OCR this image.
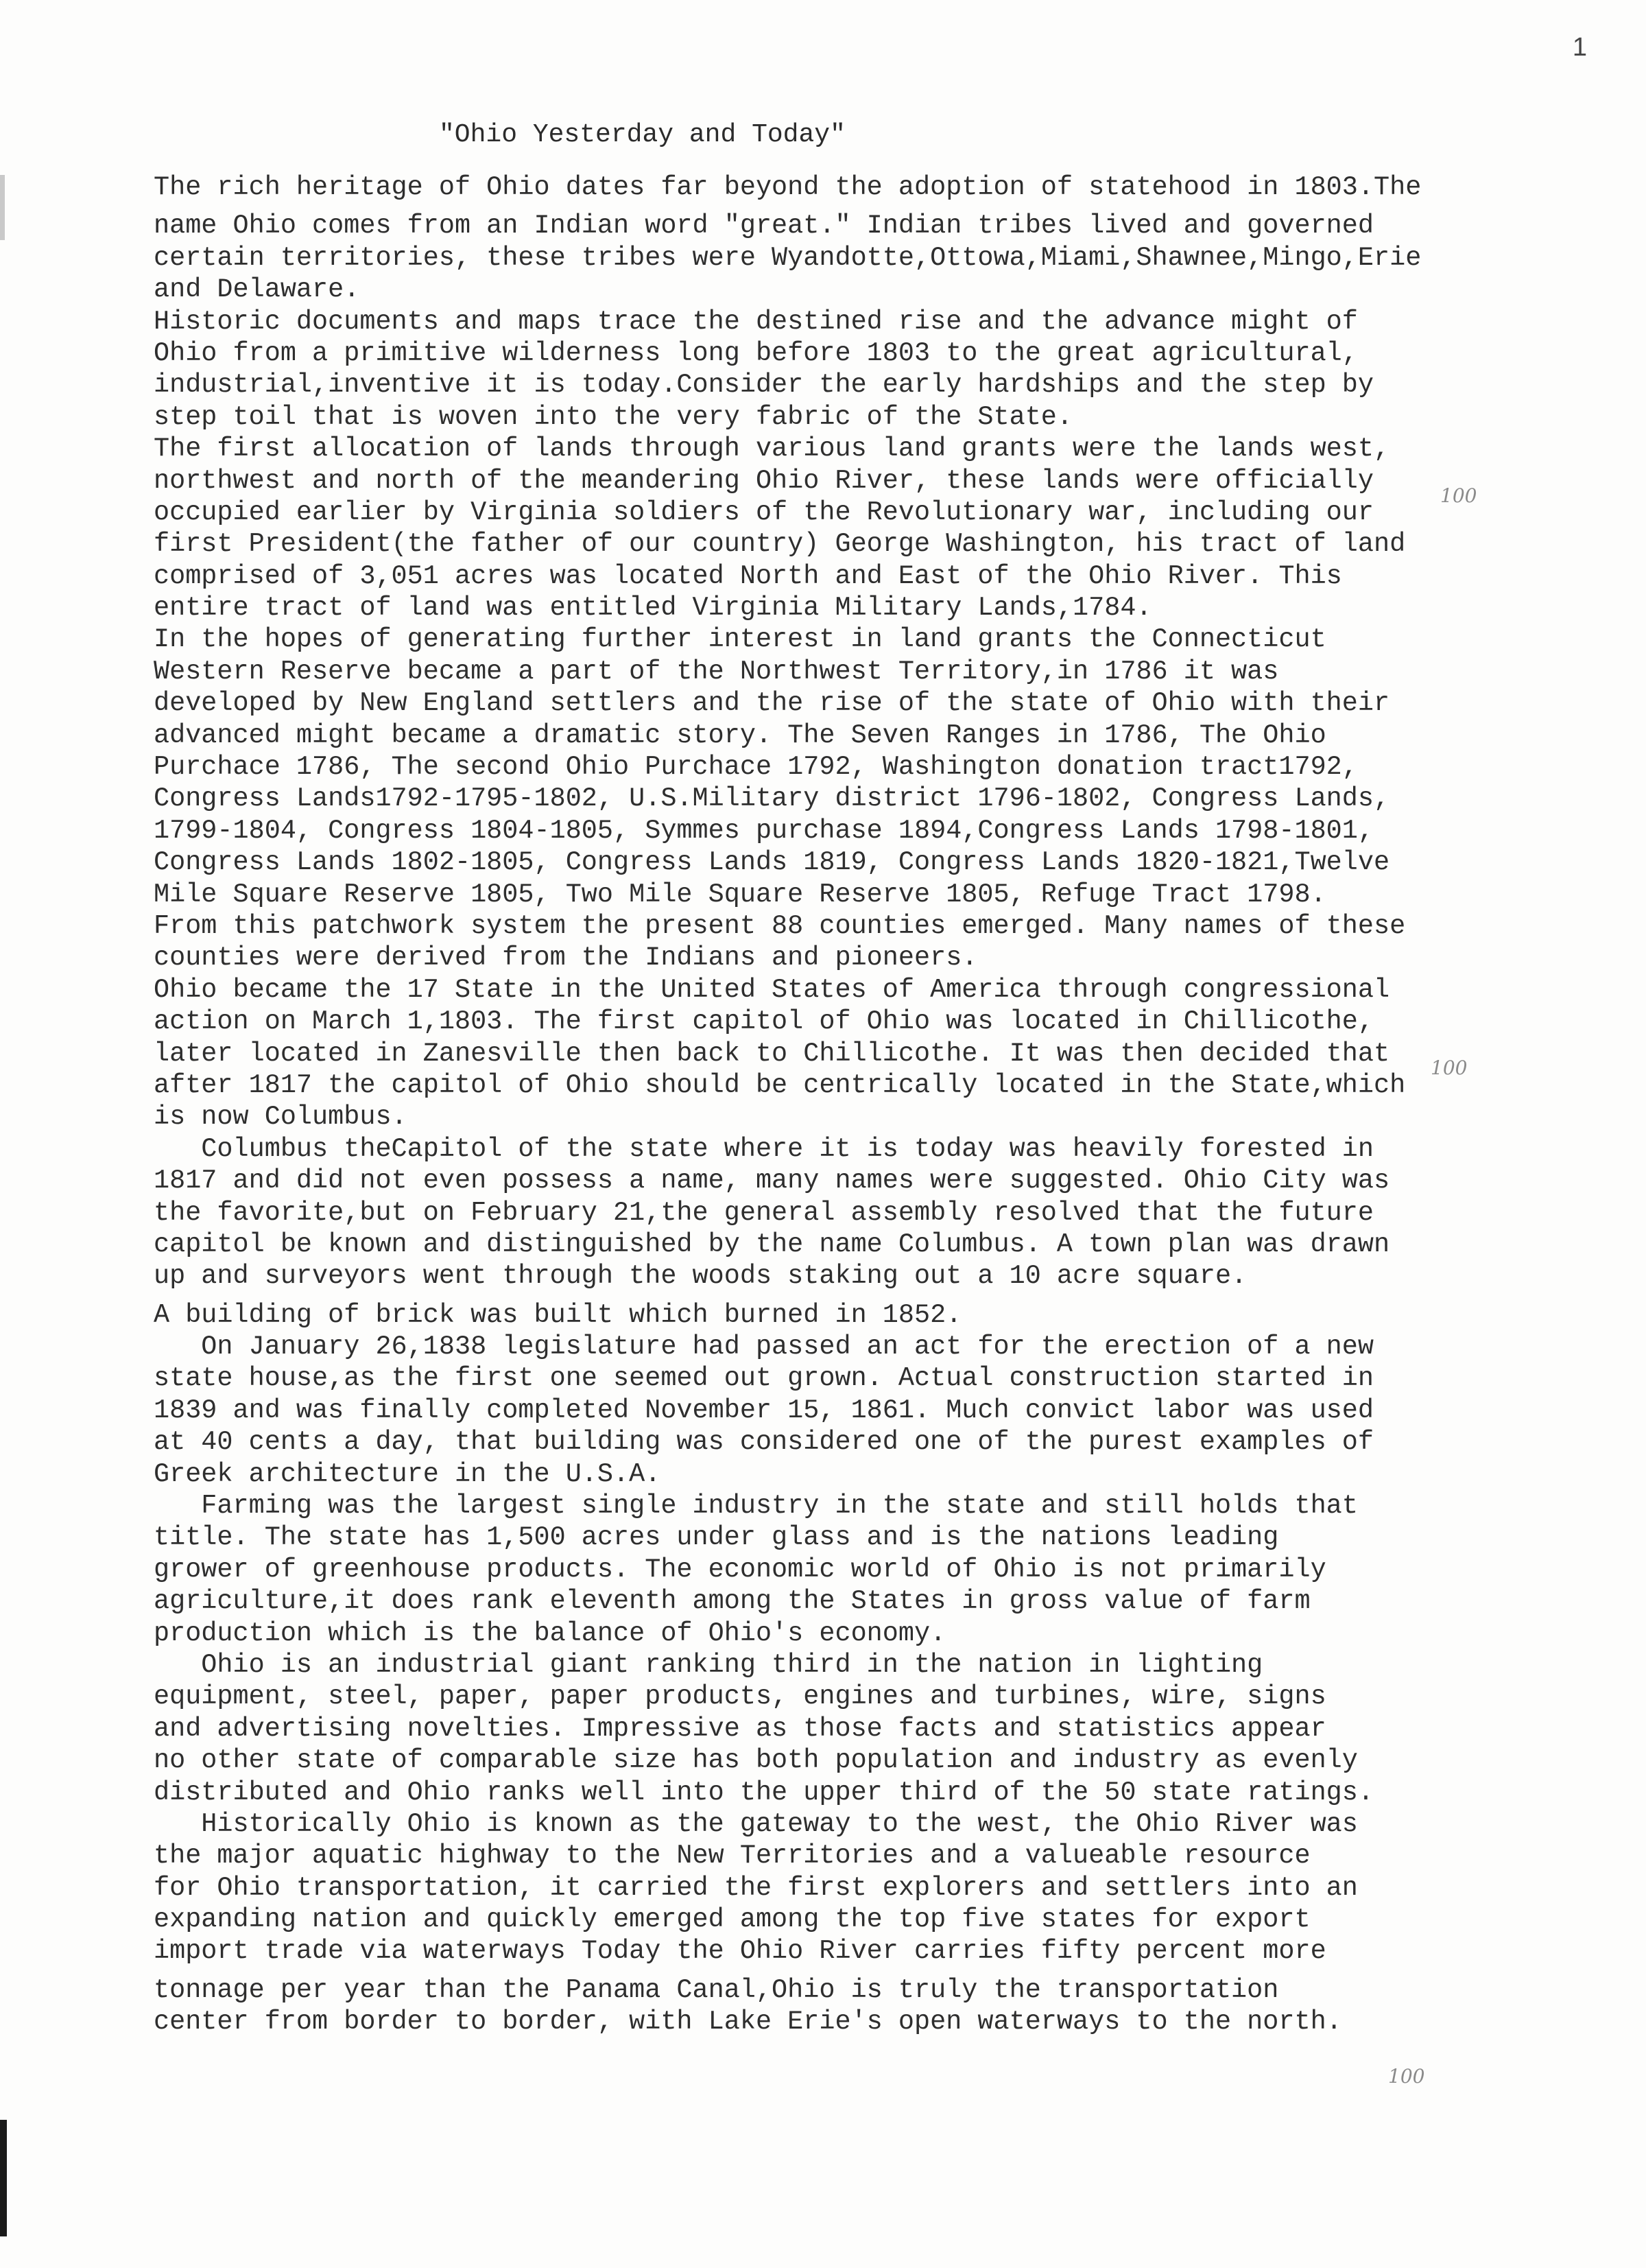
1
"Ohio Yesterday and Today"
The rich heritage of Ohio dates far beyond the adoption of statehood in 1803.The
name Ohio comes from an Indian word "great." Indian tribes lived and governed
certain territories, these tribes were Wyandotte,Ottowa,Miami,Shawnee,Mingo,Erie
and Delaware.
Historic documents and maps trace the destined rise and the advance might of
Ohio from a primitive wilderness long before 1803 to the great agricultural,
industrial,inventive it is today.Consider the early hardships and the step by
step toil that is woven into the very fabric of the State.
The first allocation of lands through various land grants were the lands west,
northwest and north of the meandering Ohio River, these lands were officially
occupied earlier by Virginia soldiers of the Revolutionary war, including our
first President(the father of our country) George Washington, his tract of land
comprised of 3,051 acres was located North and East of the Ohio River. This
entire tract of land was entitled Virginia Military Lands,1784.
In the hopes of generating further interest in land grants the Connecticut
Western Reserve became a part of the Northwest Territory,in 1786 it was
developed by New England settlers and the rise of the state of Ohio with their
advanced might became a dramatic story. The Seven Ranges in 1786, The Ohio
Purchace 1786, The second Ohio Purchace 1792, Washington donation tract1792,
Congress Lands1792-1795-1802, U.S.Military district 1796-1802, Congress Lands,
1799-1804, Congress 1804-1805, Symmes purchase 1894,Congress Lands 1798-1801,
Congress Lands 1802-1805, Congress Lands 1819, Congress Lands 1820-1821,Twelve
Mile Square Reserve 1805, Two Mile Square Reserve 1805, Refuge Tract 1798.
From this patchwork system the present 88 counties emerged. Many names of these
counties were derived from the Indians and pioneers.
Ohio became the 17 State in the United States of America through congressional
action on March 1,1803. The first capitol of Ohio was located in Chillicothe,
later located in Zanesville then back to Chillicothe. It was then decided that
after 1817 the capitol of Ohio should be centrically located in the State,which
is now Columbus.
Columbus theCapitol of the state where it is today was heavily forested in
1817 and did not even possess a name, many names were suggested. Ohio City was
the favorite,but on February 21,the general assembly resolved that the future
capitol be known and distinguished by the name Columbus. A town plan was drawn
up and surveyors went through the woods staking out a 10 acre square.
A building of brick was built which burned in 1852.
On January 26,1838 legislature had passed an act for the erection of a new
state house,as the first one seemed out grown. Actual construction started in
1839 and was finally completed November 15, 1861. Much convict labor was used
at 40 cents a day, that building was considered one of the purest examples of
Greek architecture in the U.S.A.
Farming was the largest single industry in the state and still holds that
title. The state has 1,500 acres under glass and is the nations leading
grower of greenhouse products. The economic world of Ohio is not primarily
agriculture,it does rank eleventh among the States in gross value of farm
production which is the balance of Ohio's economy.
Ohio is an industrial giant ranking third in the nation in lighting
equipment, steel, paper, paper products, engines and turbines, wire, signs
and advertising novelties. Impressive as those facts and statistics appear
no other state of comparable size has both population and industry as evenly
distributed and Ohio ranks well into the upper third of the 50 state ratings.
Historically Ohio is known as the gateway to the west, the Ohio River was
the major aquatic highway to the New Territories and a valueable resource
for Ohio transportation, it carried the first explorers and settlers into an
expanding nation and quickly emerged among the top five states for export
import trade via waterways Today the Ohio River carries fifty percent more
tonnage per year than the Panama Canal,Ohio is truly the transportation
center from border to border, with Lake Erie's open waterways to the north.
100
100
100
